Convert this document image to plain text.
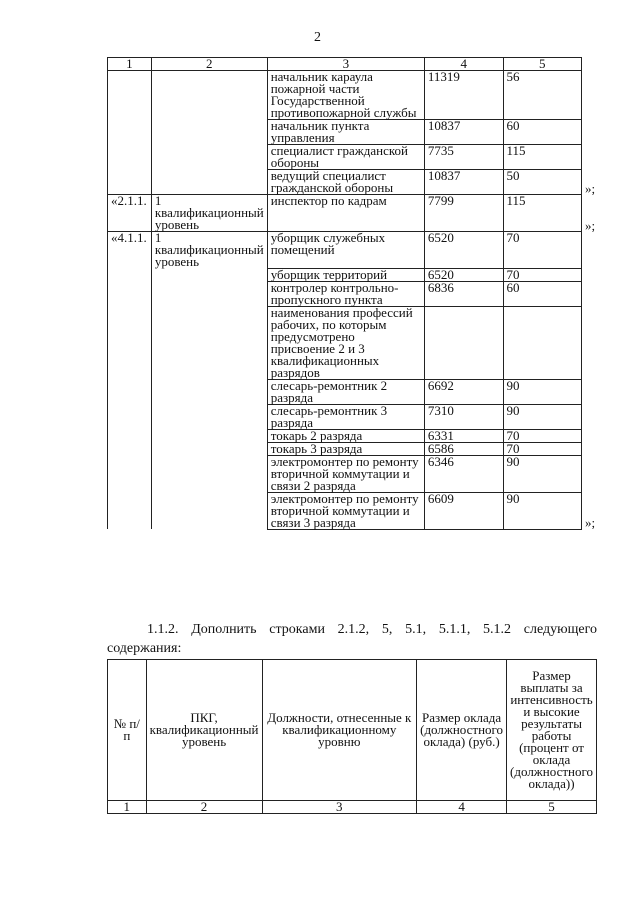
2
1	2	3	4	5
		начальник караула пожарной части Государственной противопожарной службы	11319	56
		начальник пункта управления	10837	60
		специалист гражданской обороны	7735	115
		ведущий специалист гражданской обороны	10837	50
«2.1.1.	1 квалификационный уровень	инспектор по кадрам	7799	115
«4.1.1.	1 квалификационный уровень	уборщик служебных помещений	6520	70
		уборщик территорий	6520	70
		контролер контрольно-пропускного пункта	6836	60
		наименования профессий рабочих, по которым предусмотрено присвоение 2 и 3 квалификационных разрядов		
		слесарь-ремонтник 2 разряда	6692	90
		слесарь-ремонтник 3 разряда	7310	90
		токарь 2 разряда	6331	70
		токарь 3 разряда	6586	70
		электромонтер по ремонту вторичной коммутации и связи 2 разряда	6346	90
		электромонтер по ремонту вторичной коммутации и связи 3 разряда	6609	90
1.1.2. Дополнить строками 2.1.2, 5, 5.1, 5.1.1, 5.1.2 следующего содержания:
№ п/п	ПКГ, квалификационный уровень	Должности, отнесенные к квалификационному уровню	Размер оклада (должностного оклада) (руб.)	Размер выплаты за интенсивность и высокие результаты работы (процент от оклада (должностного оклада))
1	2	3	4	5
»;
»;
»;
